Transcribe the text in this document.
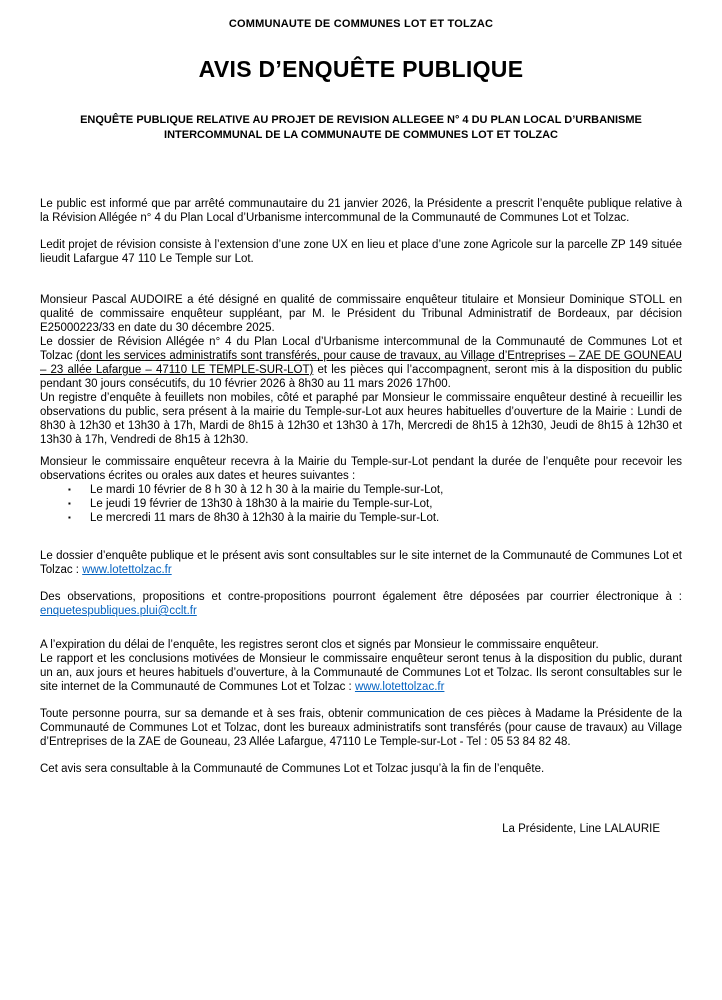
COMMUNAUTE DE COMMUNES LOT ET TOLZAC
AVIS D’ENQUÊTE PUBLIQUE
ENQUÊTE PUBLIQUE RELATIVE AU PROJET DE REVISION ALLEGEE N° 4 DU PLAN LOCAL D’URBANISME INTERCOMMUNAL DE LA COMMUNAUTE DE COMMUNES LOT ET TOLZAC

Le public est informé que par arrêté communautaire du 21 janvier 2026, la Présidente a prescrit l’enquête publique relative à la Révision Allégée n° 4 du Plan Local d’Urbanisme intercommunal de la Communauté de Communes Lot et Tolzac.

Ledit projet de révision consiste à l’extension d’une zone UX en lieu et place d’une zone Agricole sur la parcelle ZP 149 située lieudit Lafargue 47 110 Le Temple sur Lot.

Monsieur Pascal AUDOIRE a été désigné en qualité de commissaire enquêteur titulaire et Monsieur Dominique STOLL en qualité de commissaire enquêteur suppléant, par M. le Président du Tribunal Administratif de Bordeaux, par décision E25000223/33 en date du 30 décembre 2025.

Le dossier de Révision Allégée n° 4 du Plan Local d’Urbanisme intercommunal de la Communauté de Communes Lot et Tolzac (dont les services administratifs sont transférés, pour cause de travaux, au Village d’Entreprises – ZAE DE GOUNEAU – 23 allée Lafargue – 47110 LE TEMPLE-SUR-LOT) et les pièces qui l’accompagnent, seront mis à la disposition du public pendant 30 jours consécutifs, du 10 février 2026 à 8h30 au 11 mars 2026 17h00.

Un registre d’enquête à feuillets non mobiles, côté et paraphé par Monsieur le commissaire enquêteur destiné à recueillir les observations du public, sera présent à la mairie du Temple-sur-Lot aux heures habituelles d’ouverture de la Mairie : Lundi de 8h30 à 12h30 et 13h30 à 17h, Mardi de 8h15 à 12h30 et 13h30 à 17h, Mercredi de 8h15 à 12h30, Jeudi de 8h15 à 12h30 et 13h30 à 17h, Vendredi de 8h15 à 12h30.

Monsieur le commissaire enquêteur recevra à la Mairie du Temple-sur-Lot pendant la durée de l’enquête pour recevoir les observations écrites ou orales aux dates et heures suivantes :

▪ Le mardi 10 février de 8 h 30 à 12 h 30 à la mairie du Temple-sur-Lot,
▪ Le jeudi 19 février de 13h30 à 18h30 à la mairie du Temple-sur-Lot,
▪ Le mercredi 11 mars de 8h30 à 12h30 à la mairie du Temple-sur-Lot.

Le dossier d’enquête publique et le présent avis sont consultables sur le site internet de la Communauté de Communes Lot et Tolzac : www.lotettolzac.fr

Des observations, propositions et contre-propositions pourront également être déposées par courrier électronique à : enquetespubliques.plui@cclt.fr

A l’expiration du délai de l’enquête, les registres seront clos et signés par Monsieur le commissaire enquêteur.

Le rapport et les conclusions motivées de Monsieur le commissaire enquêteur seront tenus à la disposition du public, durant un an, aux jours et heures habituels d’ouverture, à la Communauté de Communes Lot et Tolzac. Ils seront consultables sur le site internet de la Communauté de Communes Lot et Tolzac : www.lotettolzac.fr

Toute personne pourra, sur sa demande et à ses frais, obtenir communication de ces pièces à Madame la Présidente de la Communauté de Communes Lot et Tolzac, dont les bureaux administratifs sont transférés (pour cause de travaux) au Village d’Entreprises de la ZAE de Gouneau, 23 Allée Lafargue, 47110 Le Temple-sur-Lot - Tel : 05 53 84 82 48.

Cet avis sera consultable à la Communauté de Communes Lot et Tolzac jusqu’à la fin de l’enquête.

La Présidente, Line LALAURIE
